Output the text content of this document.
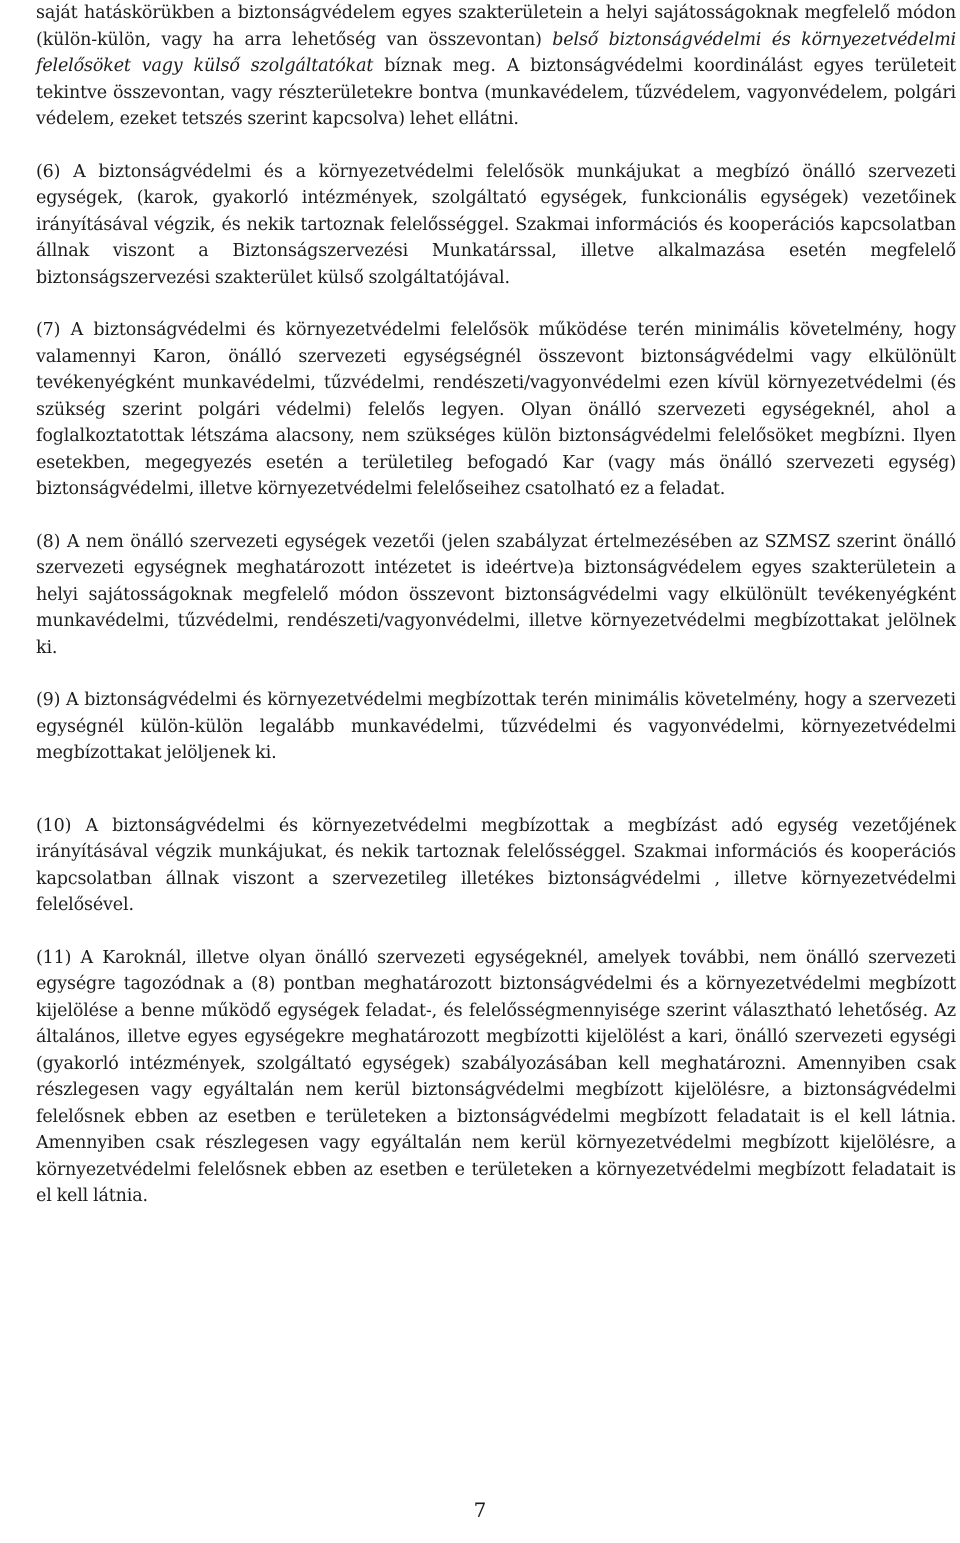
saját hatáskörükben a biztonságvédelem egyes szakterületein a helyi sajátosságoknak megfelelő módon (külön-külön, vagy ha arra lehetőség van összevontan) belső biztonságvédelmi és környezetvédelmi felelősöket vagy külső szolgáltatókat bíznak meg. A biztonságvédelmi koordinálást egyes területeit tekintve összevontan, vagy részterületekre bontva (munkavédelem, tűzvédelem, vagyonvédelem, polgári védelem, ezeket tetszés szerint kapcsolva) lehet ellátni.

(6) A biztonságvédelmi és a környezetvédelmi felelősök munkájukat a megbízó önálló szervezeti egységek, (karok, gyakorló intézmények, szolgáltató egységek, funkcionális egységek) vezetőinek irányításával végzik, és nekik tartoznak felelősséggel. Szakmai információs és kooperációs kapcsolatban állnak viszont a Biztonságszervezési Munkatárssal, illetve alkalmazása esetén megfelelő biztonságszervezési szakterület külső szolgáltatójával.

(7) A biztonságvédelmi és környezetvédelmi felelősök működése terén minimális követelmény, hogy valamennyi Karon, önálló szervezeti egységségnél összevont biztonságvédelmi vagy elkülönült tevékenyégként munkavédelmi, tűzvédelmi, rendészeti/vagyonvédelmi ezen kívül környezetvédelmi (és szükség szerint polgári védelmi) felelős legyen. Olyan önálló szervezeti egységeknél, ahol a foglalkoztatottak létszáma alacsony, nem szükséges külön biztonságvédelmi felelősöket megbízni. Ilyen esetekben, megegyezés esetén a területileg befogadó Kar (vagy más önálló szervezeti egység) biztonságvédelmi, illetve környezetvédelmi felelőseihez csatolható ez a feladat.

(8) A nem önálló szervezeti egységek vezetői (jelen szabályzat értelmezésében az SZMSZ szerint önálló szervezeti egységnek meghatározott intézetet is ideértve)a biztonságvédelem egyes szakterületein a helyi sajátosságoknak megfelelő módon összevont biztonságvédelmi vagy elkülönült tevékenyégként munkavédelmi, tűzvédelmi, rendészeti/vagyonvédelmi, illetve környezetvédelmi megbízottakat jelölnek ki.

(9) A biztonságvédelmi és környezetvédelmi megbízottak terén minimális követelmény, hogy a szervezeti egységnél külön-külön legalább munkavédelmi, tűzvédelmi és vagyonvédelmi, környezetvédelmi megbízottakat jelöljenek ki.

(10) A biztonságvédelmi és környezetvédelmi megbízottak a megbízást adó egység vezetőjének irányításával végzik munkájukat, és nekik tartoznak felelősséggel. Szakmai információs és kooperációs kapcsolatban állnak viszont a szervezetileg illetékes biztonságvédelmi , illetve környezetvédelmi felelősével.

(11) A Karoknál, illetve olyan önálló szervezeti egységeknél, amelyek további, nem önálló szervezeti egységre tagozódnak a (8) pontban meghatározott biztonságvédelmi és a környezetvédelmi megbízott kijelölése a benne működő egységek feladat-, és felelősségmennyisége szerint választható lehetőség. Az általános, illetve egyes egységekre meghatározott megbízotti kijelölést a kari, önálló szervezeti egységi (gyakorló intézmények, szolgáltató egységek) szabályozásában kell meghatározni. Amennyiben csak részlegesen vagy egyáltalán nem kerül biztonságvédelmi megbízott kijelölésre, a biztonságvédelmi felelősnek ebben az esetben e területeken a biztonságvédelmi megbízott feladatait is el kell látnia. Amennyiben csak részlegesen vagy egyáltalán nem kerül környezetvédelmi megbízott kijelölésre, a környezetvédelmi felelősnek ebben az esetben e területeken a környezetvédelmi megbízott feladatait is el kell látnia.

7
